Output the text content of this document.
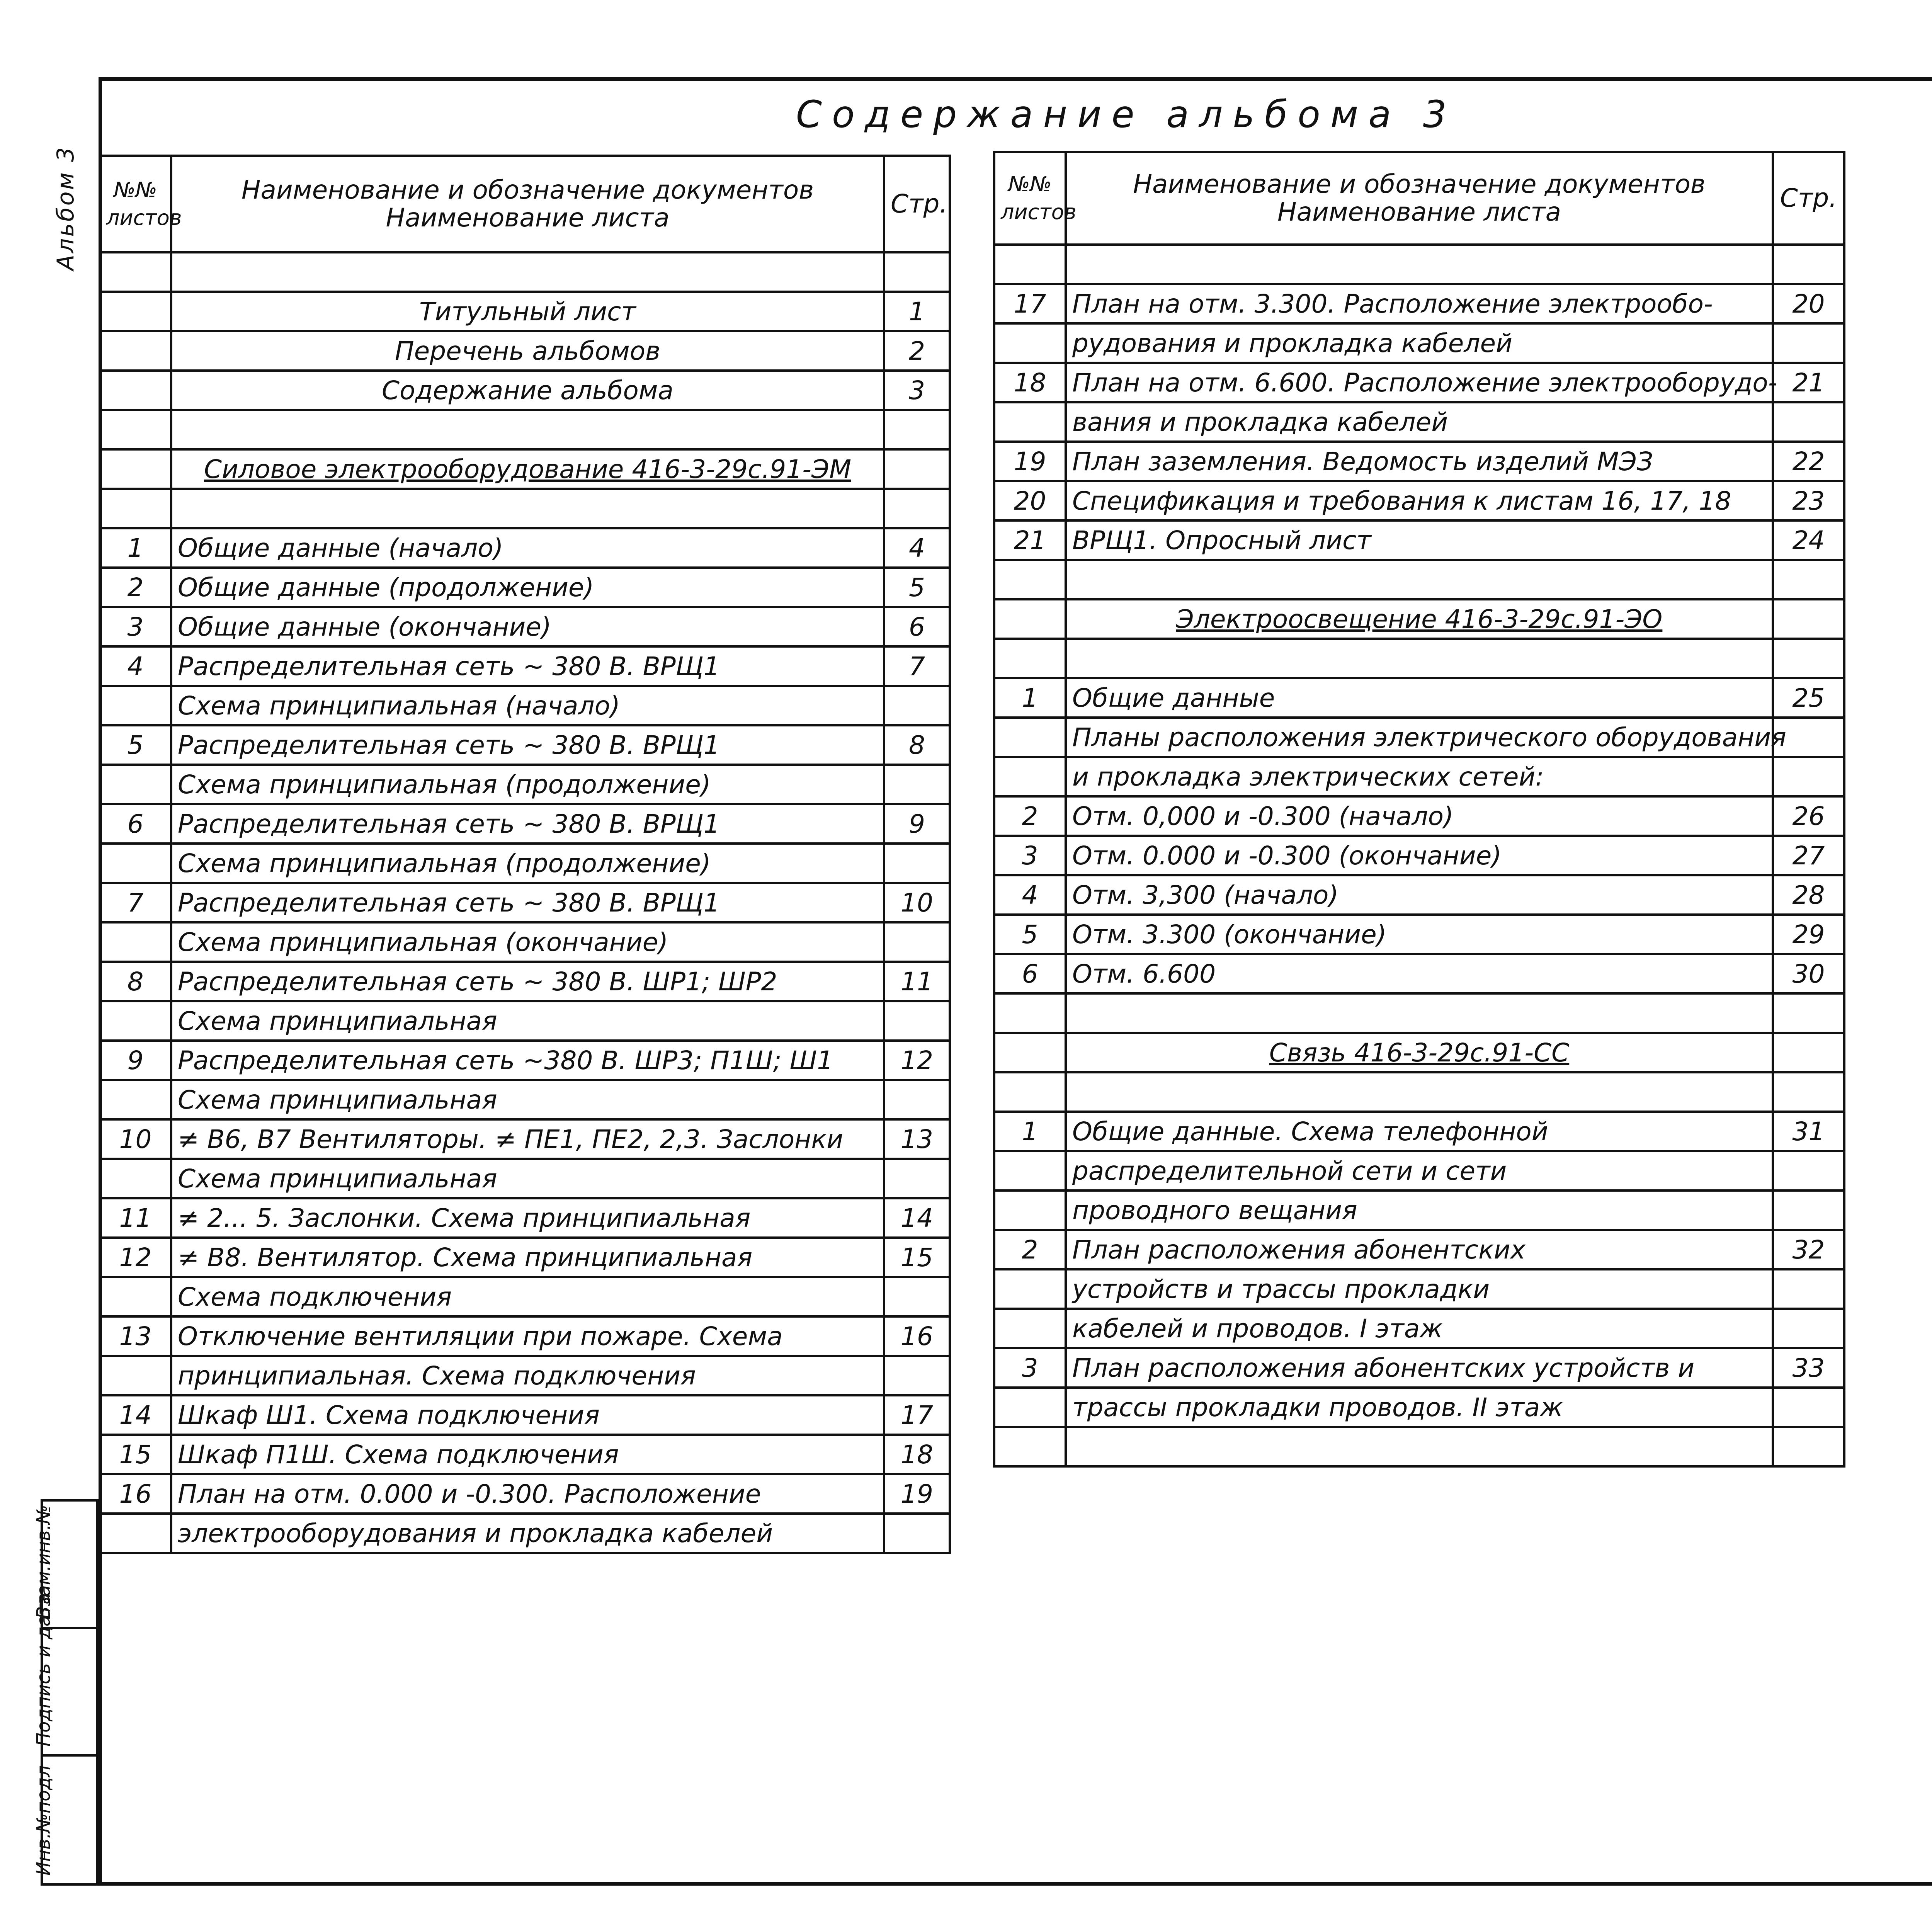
Альбом 3
Содержание альбома 3
№№ листов	Наименование и обозначение документов
Наименование листа	Стр.

	Титульный лист	1
	Перечень альбомов	2
	Содержание альбома	3

	Силовое электрооборудование 416-3-29с.91-ЭМ	

1	Общие данные (начало)	4
2	Общие данные (продолжение)	5
3	Общие данные (окончание)	6
4	Распределительная сеть ~ 380 В. ВРЩ1	7
	Схема принципиальная (начало)	
5	Распределительная сеть ~ 380 В. ВРЩ1	8
	Схема принципиальная (продолжение)	
6	Распределительная сеть ~ 380 В. ВРЩ1	9
	Схема принципиальная (продолжение)	
7	Распределительная сеть ~ 380 В. ВРЩ1	10
	Схема принципиальная (окончание)	
8	Распределительная сеть ~ 380 В. ШР1; ШР2	11
	Схема принципиальная	
9	Распределительная сеть ~380 В. ШР3; П1Ш; Ш1	12
	Схема принципиальная	
10	≠ В6, В7 Вентиляторы. ≠ ПЕ1, ПЕ2, 2,3. Заслонки	13
	Схема принципиальная	
11	≠ 2... 5. Заслонки. Схема принципиальная	14
12	≠ В8. Вентилятор. Схема принципиальная	15
	Схема подключения	
13	Отключение вентиляции при пожаре. Схема	16
	принципиальная. Схема подключения	
14	Шкаф Ш1. Схема подключения	17
15	Шкаф П1Ш. Схема подключения	18
16	План на отм. 0.000 и -0.300. Расположение	19
	электрооборудования и прокладка кабелей	
№№ листов	Наименование и обозначение документов
Наименование листа	Стр.

17	План на отм. 3.300. Расположение электрообо-	20
	рудования и прокладка кабелей	
18	План на отм. 6.600. Расположение электрооборудо-	21
	вания и прокладка кабелей	
19	План заземления. Ведомость изделий МЭЗ	22
20	Спецификация и требования к листам 16, 17, 18	23
21	ВРЩ1. Опросный лист	24

	Электроосвещение 416-3-29с.91-ЭО	

1	Общие данные	25
	Планы расположения электрического оборудования	
	и прокладка электрических сетей:	
2	Отм. 0,000 и -0.300 (начало)	26
3	Отм. 0.000 и -0.300 (окончание)	27
4	Отм. 3,300 (начало)	28
5	Отм. 3.300 (окончание)	29
6	Отм. 6.600	30

	Связь 416-3-29с.91-СС	

1	Общие данные. Схема телефонной	31
	распределительной сети и сети	
	проводного вещания	
2	План расположения абонентских	32
	устройств и трассы прокладки	
	кабелей и проводов. I этаж	
3	План расположения абонентских устройств и	33
	трассы прокладки проводов. II этаж	

Взам.инв.№
Подпись и дата
Инв.№подл
